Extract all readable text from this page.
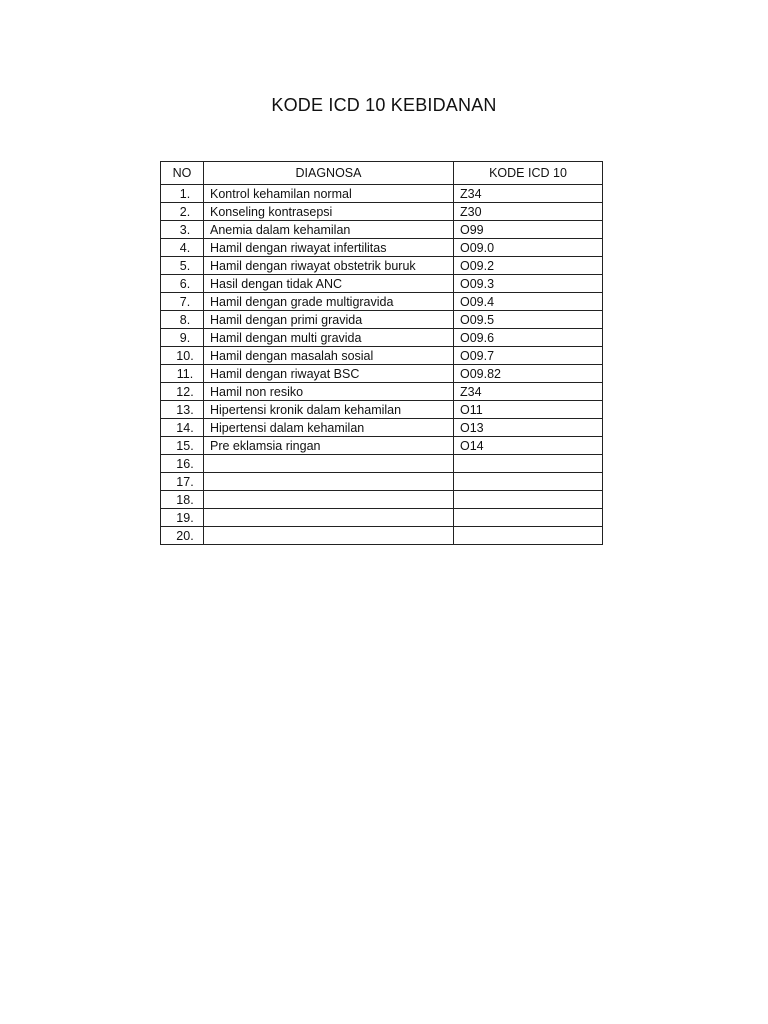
KODE ICD 10 KEBIDANAN
NO	DIAGNOSA	KODE ICD 10
1.	Kontrol kehamilan normal	Z34
2.	Konseling kontrasepsi	Z30
3.	Anemia dalam kehamilan	O99
4.	Hamil dengan riwayat infertilitas	O09.0
5.	Hamil dengan riwayat obstetrik buruk	O09.2
6.	Hasil dengan tidak ANC	O09.3
7.	Hamil dengan grade multigravida	O09.4
8.	Hamil dengan primi gravida	O09.5
9.	Hamil dengan multi gravida	O09.6
10.	Hamil dengan masalah sosial	O09.7
11.	Hamil dengan riwayat BSC	O09.82
12.	Hamil non resiko	Z34
13.	Hipertensi kronik dalam kehamilan	O11
14.	Hipertensi dalam kehamilan	O13
15.	Pre eklamsia ringan	O14
16.		
17.		
18.		
19.		
20.		
